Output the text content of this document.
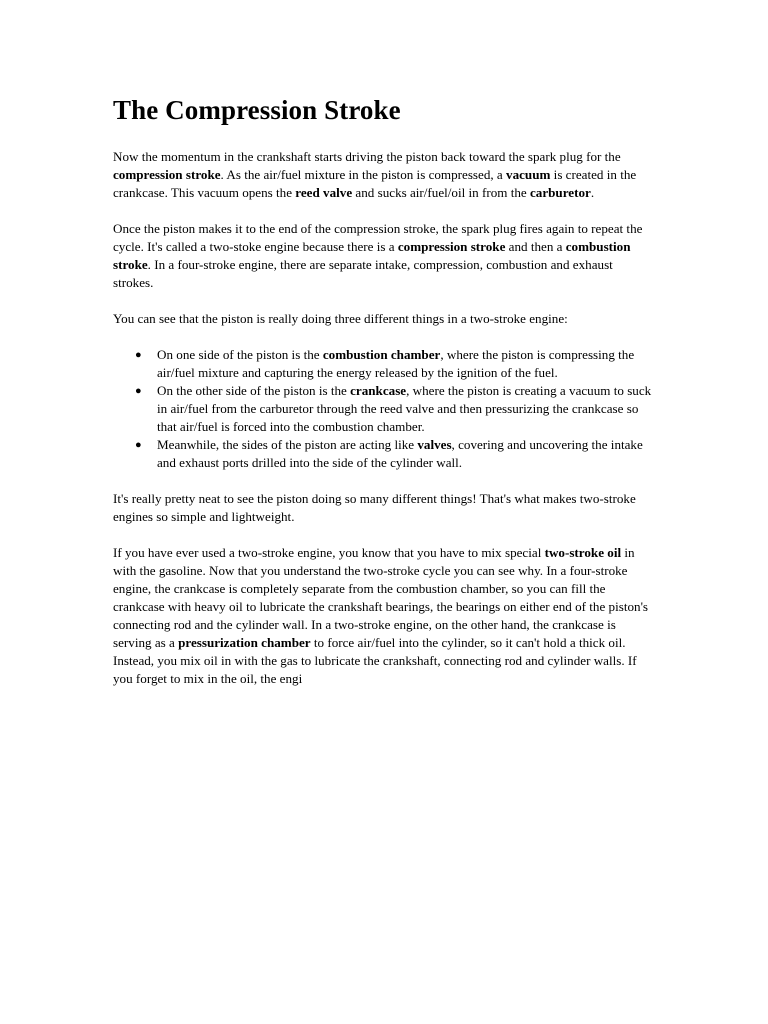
The Compression Stroke

Now the momentum in the crankshaft starts driving the piston back toward the spark plug for the compression stroke. As the air/fuel mixture in the piston is compressed, a vacuum is created in the crankcase. This vacuum opens the reed valve and sucks air/fuel/oil in from the carburetor.

Once the piston makes it to the end of the compression stroke, the spark plug fires again to repeat the cycle. It's called a two-stoke engine because there is a compression stroke and then a combustion stroke. In a four-stroke engine, there are separate intake, compression, combustion and exhaust strokes.

You can see that the piston is really doing three different things in a two-stroke engine:

● On one side of the piston is the combustion chamber, where the piston is compressing the air/fuel mixture and capturing the energy released by the ignition of the fuel.
● On the other side of the piston is the crankcase, where the piston is creating a vacuum to suck in air/fuel from the carburetor through the reed valve and then pressurizing the crankcase so that air/fuel is forced into the combustion chamber.
● Meanwhile, the sides of the piston are acting like valves, covering and uncovering the intake and exhaust ports drilled into the side of the cylinder wall.

It's really pretty neat to see the piston doing so many different things! That's what makes two-stroke engines so simple and lightweight.

If you have ever used a two-stroke engine, you know that you have to mix special two-stroke oil in with the gasoline. Now that you understand the two-stroke cycle you can see why. In a four-stroke engine, the crankcase is completely separate from the combustion chamber, so you can fill the crankcase with heavy oil to lubricate the crankshaft bearings, the bearings on either end of the piston's connecting rod and the cylinder wall. In a two-stroke engine, on the other hand, the crankcase is serving as a pressurization chamber to force air/fuel into the cylinder, so it can't hold a thick oil. Instead, you mix oil in with the gas to lubricate the crankshaft, connecting rod and cylinder walls. If you forget to mix in the oil, the engi
